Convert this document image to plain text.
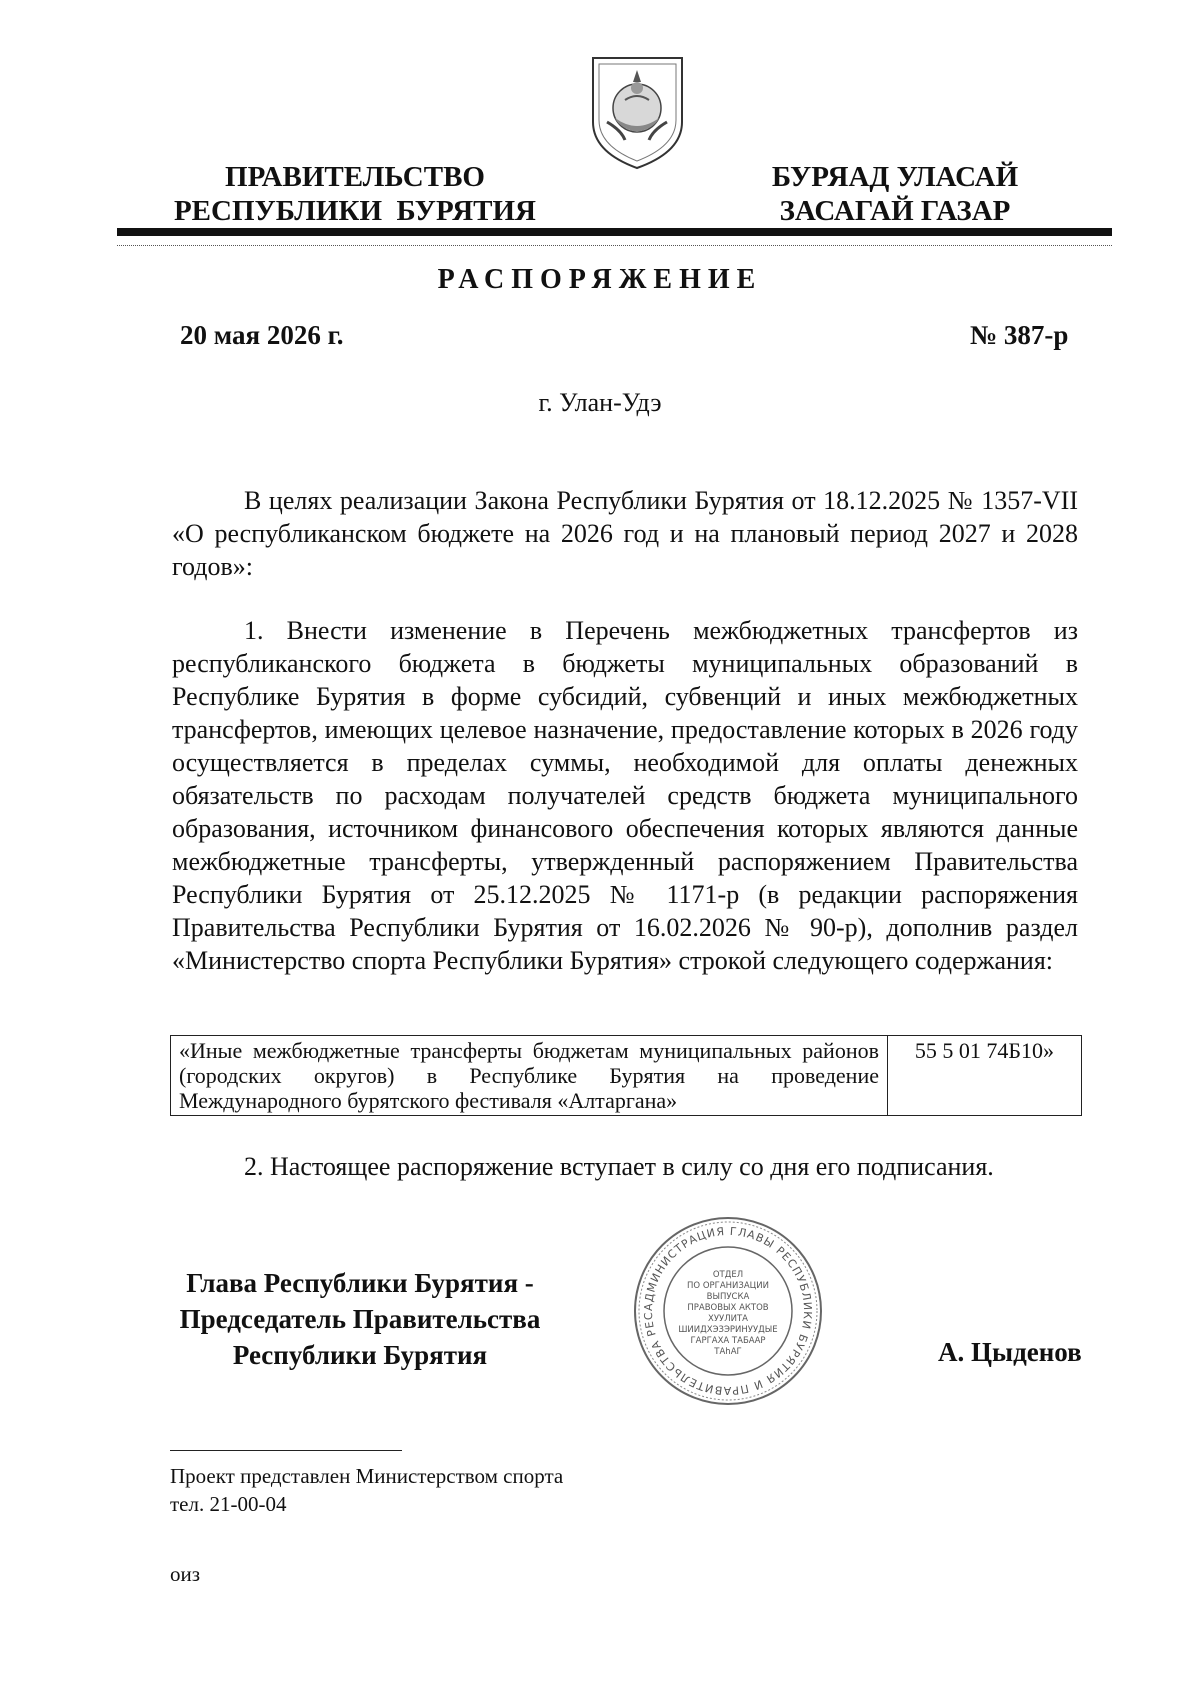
ПРАВИТЕЛЬСТВО
РЕСПУБЛИКИ  БУРЯТИЯ
БУРЯАД УЛАСАЙ
ЗАСАГАЙ ГАЗАР
РАСПОРЯЖЕНИЕ
20 мая 2026 г.	№ 387-р
г. Улан-Удэ
В целях реализации Закона Республики Бурятия от 18.12.2025 № 1357-VII «О республиканском бюджете на 2026 год и на плановый период 2027 и 2028 годов»:
1. Внести изменение в Перечень межбюджетных трансфертов из республиканского бюджета в бюджеты муниципальных образований в Республике Бурятия в форме субсидий, субвенций и иных межбюджетных трансфертов, имеющих целевое назначение, предоставление которых в 2026 году осуществляется в пределах суммы, необходимой для оплаты денежных обязательств по расходам получателей средств бюджета муниципального образования, источником финансового обеспечения которых являются данные межбюджетные трансферты, утвержденный распоряжением Правительства Республики Бурятия от 25.12.2025 № 1171-р (в редакции распоряжения Правительства Республики Бурятия от 16.02.2026 № 90-р), дополнив раздел «Министерство спорта Республики Бурятия» строкой следующего содержания:
«Иные межбюджетные трансферты бюджетам муниципальных районов (городских округов) в Республике Бурятия на проведение Международного бурятского фестиваля «Алтаргана»	55 5 01 74Б10»
2. Настоящее распоряжение вступает в силу со дня его подписания.
Глава Республики Бурятия -
Председатель Правительства
Республики Бурятия	А. Цыденов
АДМИНИСТРАЦИЯ ГЛАВЫ РЕСПУБЛИКИ БУРЯТИЯ И ПРАВИТЕЛЬСТВА РЕС
ОТДЕЛ
ПО ОРГАНИЗАЦИИ
ВЫПУСКА
ПРАВОВЫХ АКТОВ
ХУУЛИТА
ШИИДХЭЗЭРИНУУДЫЕ
ГАРГАХА ТАБААР
ТАһАГ
Проект представлен Министерством спорта
тел. 21-00-04
оиз
